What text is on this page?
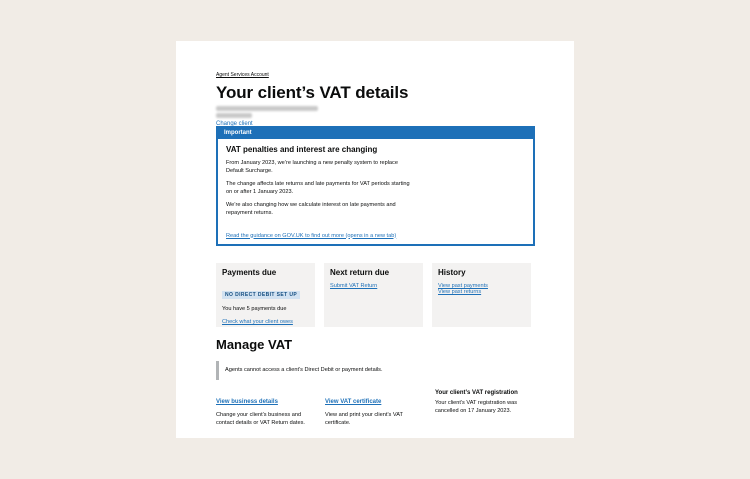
Agent Services Account
Your client’s VAT details
Change client
Important
VAT penalties and interest are changing

From January 2023, we’re launching a new penalty system to replace Default Surcharge.

The change affects late returns and late payments for VAT periods starting on or after 1 January 2023.

We’re also changing how we calculate interest on late payments and repayment returns.

Read the guidance on GOV.UK to find out more (opens in a new tab)
Payments due
NO DIRECT DEBIT SET UP
You have 5 payments due
Check what your client owes
Next return due
Submit VAT Return
History
View past payments
View past returns
Manage VAT
Agents cannot access a client’s Direct Debit or payment details.
View business details
Change your client’s business and contact details or VAT Return dates.
View VAT certificate
View and print your client’s VAT certificate.
Your client’s VAT registration
Your client’s VAT registration was cancelled on 17 January 2023.
